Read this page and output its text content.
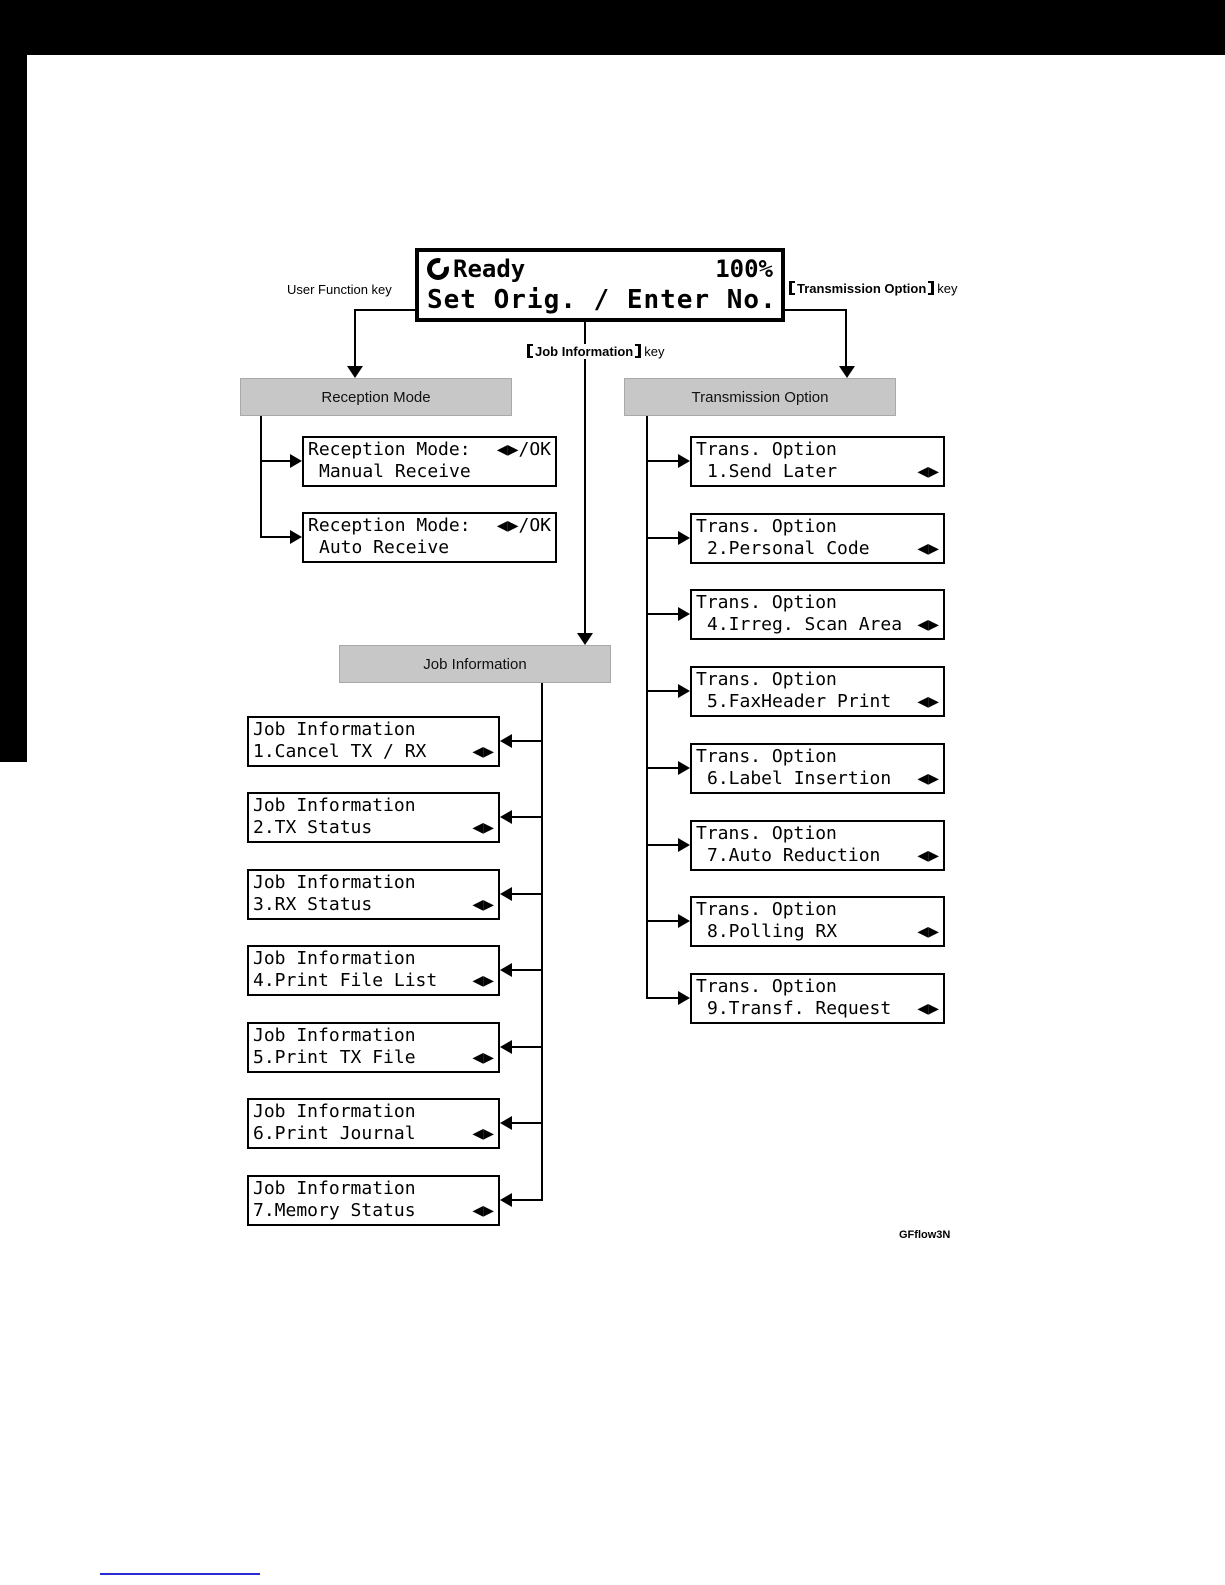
Ready	100%
Set Orig. / Enter No.
User Function key	Transmission Option key
Job Information key
Reception Mode	Transmission Option
Job Information
Reception Mode: ◀▶/OK
Manual Receive
Reception Mode: ◀▶/OK
Auto Receive
Trans. Option
1.Send Later	◀▶
Trans. Option
2.Personal Code	◀▶
Trans. Option
4.Irreg. Scan Area ◀▶
Trans. Option
5.FaxHeader Print ◀▶
Trans. Option
6.Label Insertion ◀▶
Trans. Option
7.Auto Reduction ◀▶
Trans. Option
8.Polling RX	◀▶
Trans. Option
9.Transf. Request ◀▶
Job Information
1.Cancel TX / RX	◀▶
Job Information
2.TX Status	◀▶
Job Information
3.RX Status	◀▶
Job Information
4.Print File List ◀▶
Job Information
5.Print TX File	◀▶
Job Information
6.Print Journal	◀▶
Job Information
7.Memory Status	◀▶
GFflow3N
